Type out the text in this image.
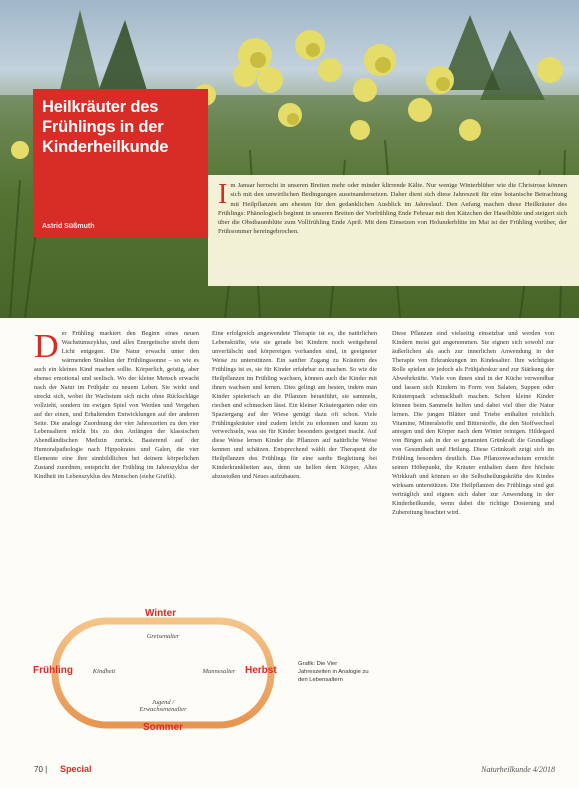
Heilkräuter des Frühlings in der Kinderheilkunde
Astrid Süßmuth
I m Januar herrscht in unseren Breiten mehr oder minder klirrende Kälte. Nur wenige Winterblüher wie die Christrose können sich mit den unwirtlichen Bedingungen auseinandersetzen. Daher dient sich diese Jahreszeit für eine botanische Betrachtung mit Heilpflanzen am ehesten für den gedanklichen Ausblick im Jahreslauf. Den Anfang machen diese Heilkräuter des Frühlings: Phänologisch beginnt in unseren Breiten der Vorfrühling Ende Februar mit den Kätzchen der Haselblüte und steigert sich über die Obstbaumblüte zum Vollfrühling Ende April. Mit dem Einsetzen von Holunderblüte im Mai ist der Frühling vorüber, der Frühsommer hereingebrochen.
D er Frühling markiert den Beginn eines neuen Wachstumszyklus, und alles Energetische strebt dem Licht entgegen. Die Natur erwacht unter den wärmenden Strahlen der Frühlingssonne – so wie es auch ein kleines Kind machen sollte. Körperlich, geistig, aber ebenso emotional und seelisch. Wo der kleine Mensch erwacht nach der Natur im Frühjahr zu neuem Leben. Sie wirkt und streckt sich, wobei ihr Wachstum sich nicht ohne Rückschläge vollzieht, sondern im ewigen Spiel von Werden und Vergehen auf der einen, und Erhaltenden Entwicklungen auf der anderen Seite. Die analoge Zuordnung der vier Jahreszeiten zu den vier Lebensaltern reicht bis zu den Anfängen der klassischen Abendländischen Medizin zurück. Basierend auf der Humoralpathologie nach Hippokrates und Galen, die vier Elemente eine ihre sinnbildlichen bei deinem körperlichen Zustand zuordnen, entspricht der Frühling im Jahreszyklus der Kindheit im Lebenszyklus des Menschen (siehe Grafik).
Eine erfolgreich angewendete Therapie ist es, die natürlichen Lebenskräfte, wie sie gerade bei Kindern noch weitgehend unverfälscht und körpereigen vorhanden sind, in geeigneter Weise zu unterstützen. Ein sanfter Zugang zu Kräutern des Frühlings ist es, sie für Kinder erfahrbar zu machen. So wie die Heilpflanzen im Frühling wachsen, können auch die Kinder mit ihnen wachsen und lernen. Dies gelingt am besten, indem man Kinder spielerisch an die Pflanzen heranführt, sie sammeln, riechen und schmecken lässt. Ein kleiner Kräutergarten oder ein Spaziergang auf der Wiese genügt dazu oft schon. Viele Frühlingskräuter sind zudem leicht zu erkennen und kaum zu verwechseln, was sie für Kinder besonders geeignet macht. Auf diese Weise lernen Kinder die Pflanzen auf natürliche Weise kennen und schätzen. Entsprechend wählt der Therapeut die Heilpflanzen des Frühlings für eine sanfte Begleitung bei Kinderkrankheiten aus, denn sie helfen dem Körper, Altes abzustoßen und Neues aufzubauen.
Diese Pflanzen sind vielseitig einsetzbar und werden von Kindern meist gut angenommen. Sie eignen sich sowohl zur äußerlichen als auch zur innerlichen Anwendung in der Therapie von Erkrankungen im Kindesalter. Ihre wichtigste Rolle spielen sie jedoch als Frühjahrskur und zur Stärkung der Abwehrkräfte. Viele von ihnen sind in der Küche verwendbar und lassen sich Kindern in Form von Salaten, Suppen oder Kräuterquark schmackhaft machen. Schon kleine Kinder können beim Sammeln helfen und dabei viel über die Natur lernen. Die jungen Blätter und Triebe enthalten reichlich Vitamine, Mineralstoffe und Bitterstoffe, die den Stoffwechsel anregen und den Körper nach dem Winter reinigen. Hildegard von Bingen sah in der so genannten Grünkraft die Grundlage von Gesundheit und Heilung. Diese Grünkraft zeigt sich im Frühling besonders deutlich. Das Pflanzenwachstum erreicht seinen Höhepunkt, die Kräuter enthalten dann ihre höchste Wirkkraft und können so die Selbstheilungskräfte des Kindes wirksam unterstützen. Die Heilpflanzen des Frühlings sind gut verträglich und eignen sich daher zur Anwendung in der Kinderheilkunde, wenn dabei die richtige Dosierung und Zubereitung beachtet wird.
Winter
Frühling	Herbst
Sommer
Greisenalter
Kindheit	Mannesalter
Jugend / Erwachsenenalter
Grafik: Die Vier Jahreszeiten in Analogie zu den Lebensaltern
70 | Special	Naturheilkunde 4/2018
